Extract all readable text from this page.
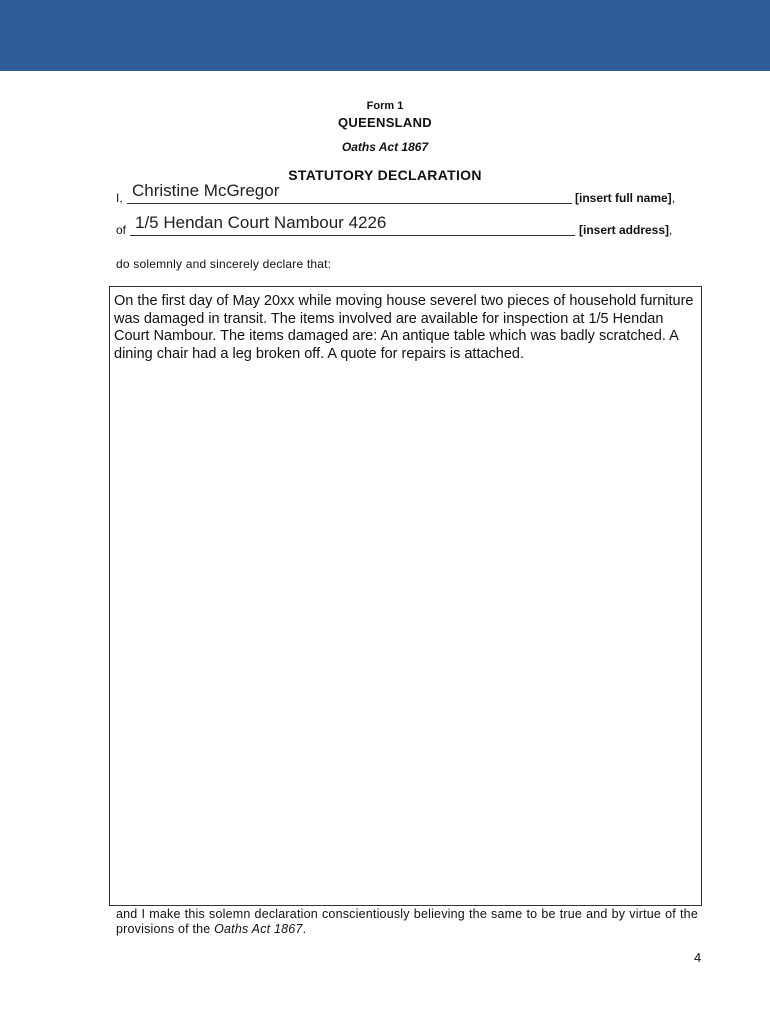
Form 1
QUEENSLAND
Oaths Act 1867
STATUTORY DECLARATION
I, Christine McGregor	[insert full name],
of 1/5 Hendan Court Nambour 4226	[insert address],
do solemnly and sincerely declare that:
On the first day of May 20xx while moving house severel two pieces of household furniture was damaged in transit. The items involved are available for inspection at 1/5 Hendan Court Nambour. The items damaged are: An antique table which was badly scratched. A dining chair had a leg broken off. A quote for repairs is attached.
and I make this solemn declaration conscientiously believing the same to be true and by virtue of the provisions of the Oaths Act 1867.
4
